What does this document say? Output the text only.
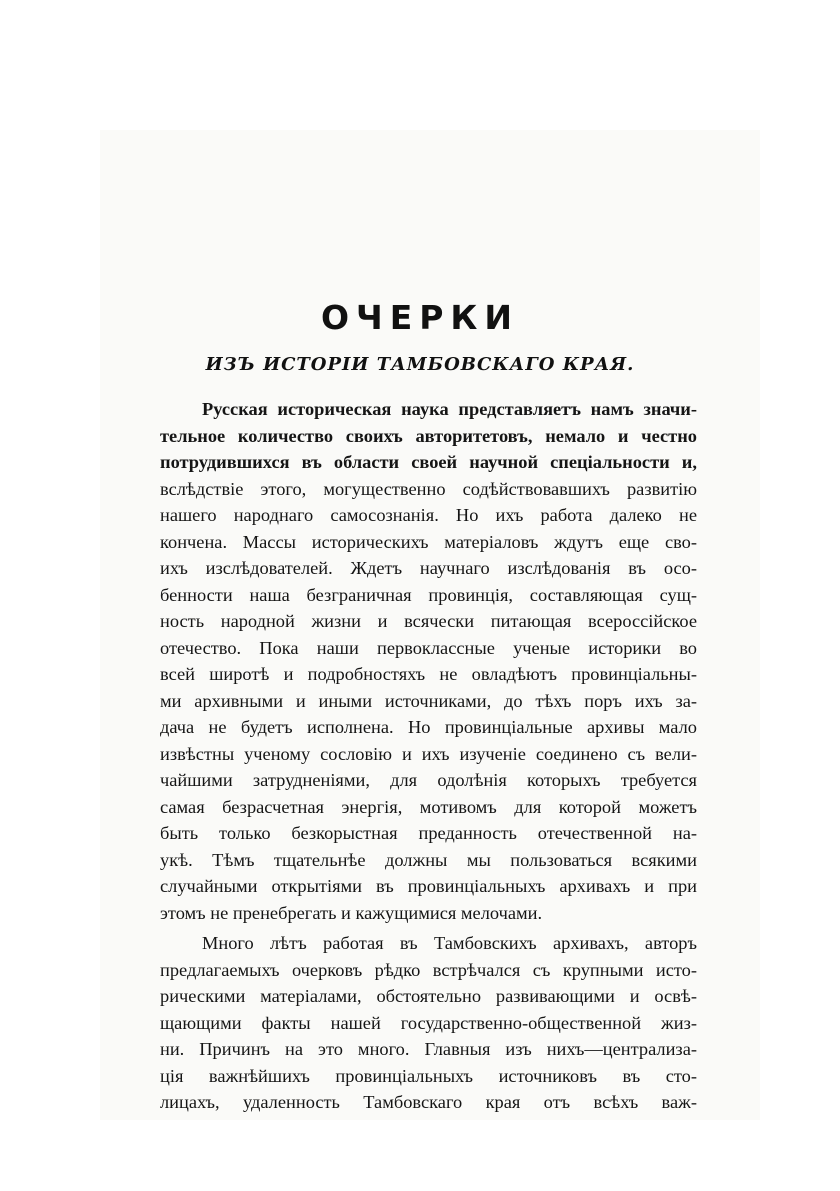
ОЧЕРКИ
ИЗЪ ИСТОРІИ ТАМБОВСКАГО КРАЯ.
Русская историческая наука представляетъ намъ значи-
тельное количество своихъ авторитетовъ, немало и честно
потрудившихся въ области своей научной спеціальности и,
вслѣдствіе этого, могущественно содѣйствовавшихъ развитію
нашего народнаго самосознанія. Но ихъ работа далеко не
кончена. Массы историческихъ матеріаловъ ждутъ еще сво-
ихъ изслѣдователей. Ждетъ научнаго изслѣдованія въ осо-
бенности наша безграничная провинція, составляющая сущ-
ность народной жизни и всячески питающая всероссійское
отечество. Пока наши первоклассные ученые историки во
всей широтѣ и подробностяхъ не овладѣютъ провинціальны-
ми архивными и иными источниками, до тѣхъ поръ ихъ за-
дача не будетъ исполнена. Но провинціальные архивы мало
извѣстны ученому сословію и ихъ изученіе соединено съ вели-
чайшими затрудненіями, для одолѣнія которыхъ требуется
самая безрасчетная энергія, мотивомъ для которой можетъ
быть только безкорыстная преданность отечественной на-
укѣ. Тѣмъ тщательнѣе должны мы пользоваться всякими
случайными открытіями въ провинціальныхъ архивахъ и при
этомъ не пренебрегать и кажущимися мелочами.
Много лѣтъ работая въ Тамбовскихъ архивахъ, авторъ
предлагаемыхъ очерковъ рѣдко встрѣчался съ крупными исто-
рическими матеріалами, обстоятельно развивающими и освѣ-
щающими факты нашей государственно-общественной жиз-
ни. Причинъ на это много. Главныя изъ нихъ—централиза-
ція важнѣйшихъ провинціальныхъ источниковъ въ сто-
лицахъ, удаленность Тамбовскаго края отъ всѣхъ важ-
